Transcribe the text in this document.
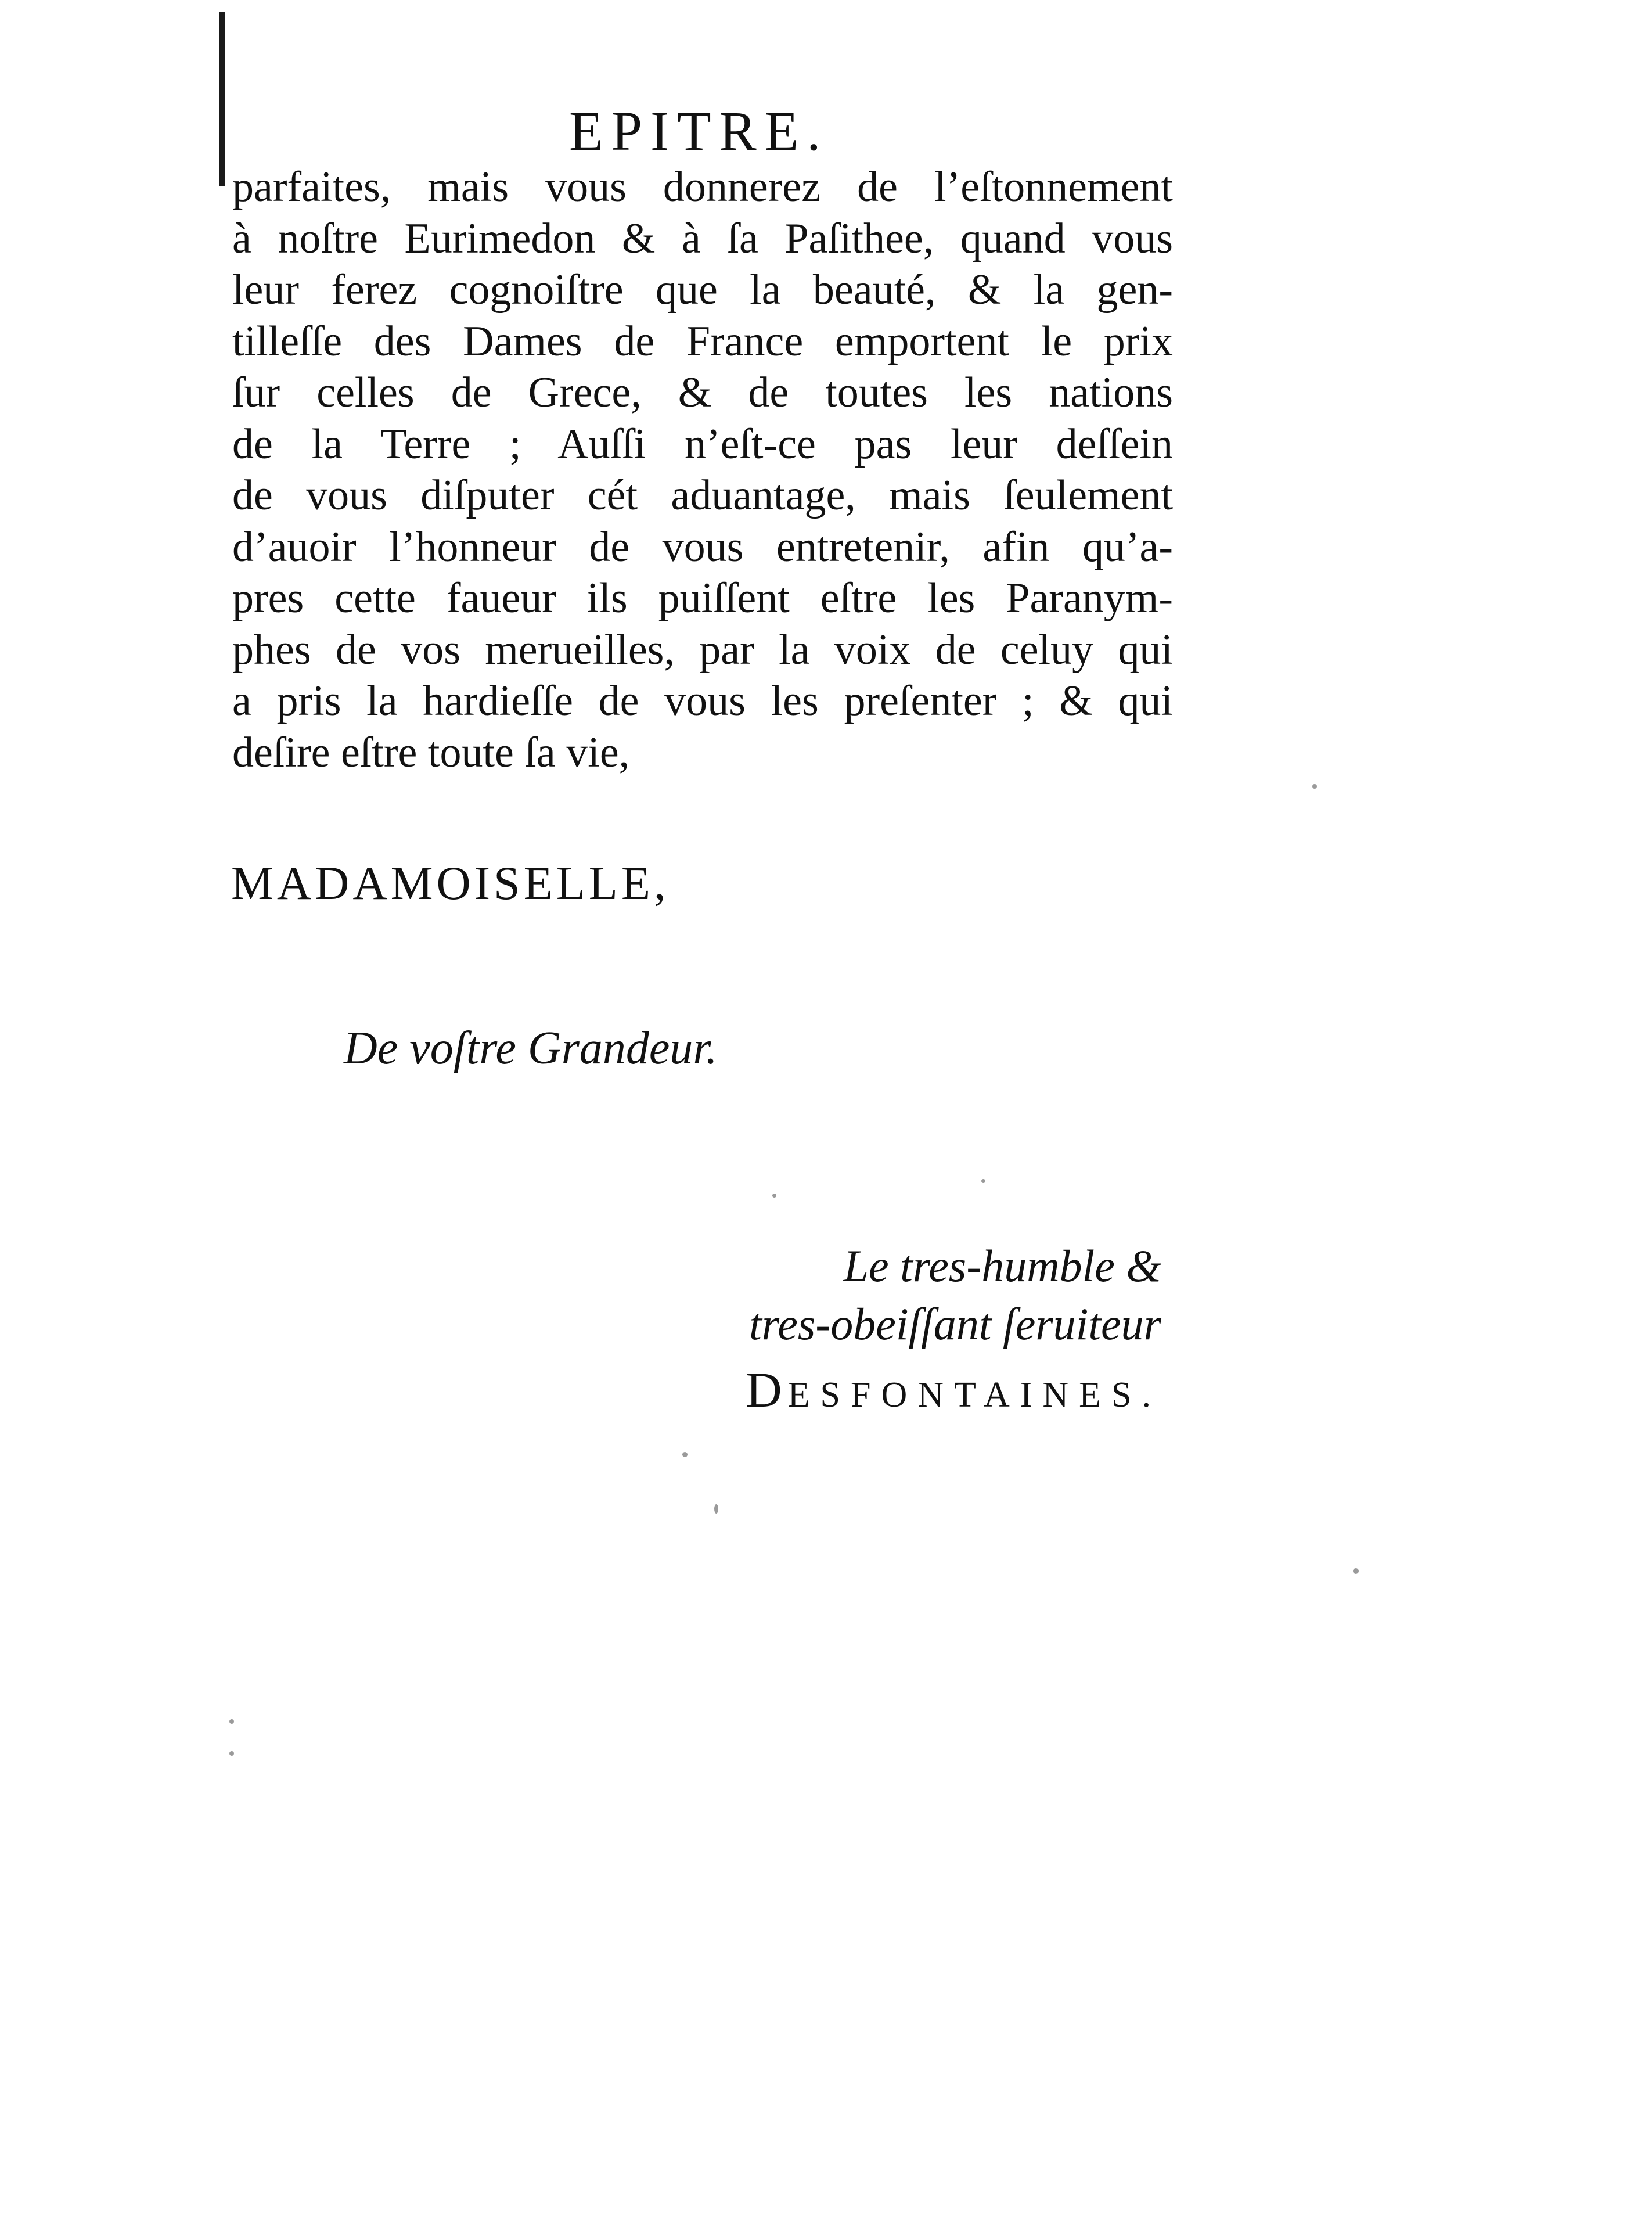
EPITRE.
parfaites, mais vous donnerez de l’eſtonnement
à noſtre Eurimedon & à ſa Paſithee, quand vous
leur ferez cognoiſtre que la beauté, & la gen-
tilleſſe des Dames de France emportent le prix
ſur celles de Grece, & de toutes les nations
de la Terre ; Auſſi n’eſt-ce pas leur deſſein
de vous diſputer cét aduantage, mais ſeulement
d’auoir l’honneur de vous entretenir, afin qu’a-
pres cette faueur ils puiſſent eſtre les Paranym-
phes de vos merueilles, par la voix de celuy qui
a pris la hardieſſe de vous les preſenter ; & qui
deſire eſtre toute ſa vie,
MADAMOISELLE,
De voſtre Grandeur.
Le tres-humble &
tres-obeiſſant ſeruiteur
DESFONTAINES.
